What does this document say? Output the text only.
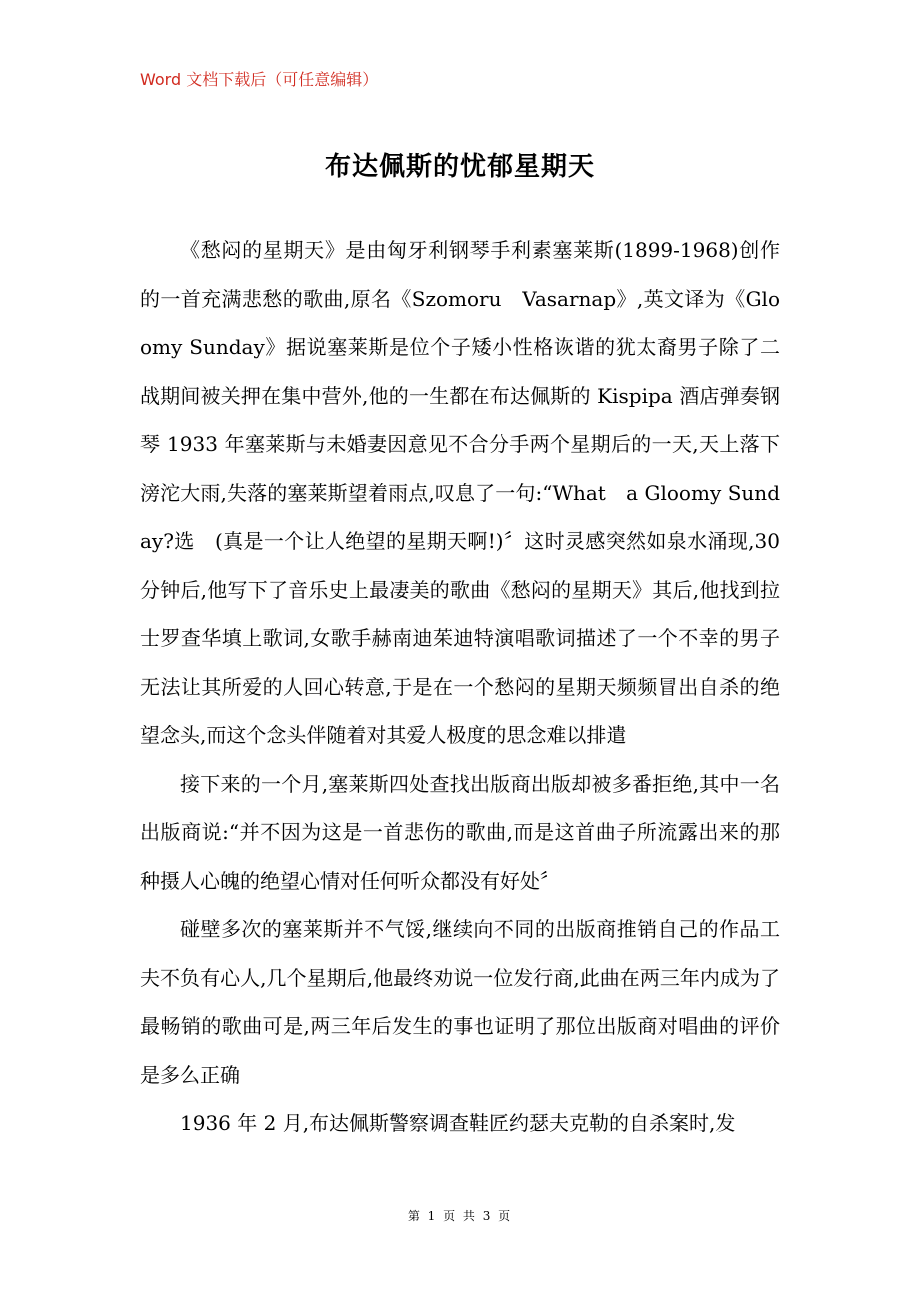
Word 文档下载后（可任意编辑）
布达佩斯的忧郁星期天

《愁闷的星期天》是由匈牙利钢琴手利素塞莱斯(1899-1968)创作的一首充满悲愁的歌曲,原名《Szomoru　Vasarnap》,英文译为《Gloomy Sunday》据说塞莱斯是位个子矮小性格诙谐的犹太裔男子除了二战期间被关押在集中营外,他的一生都在布达佩斯的 Kispipa 酒店弹奏钢琴 1933 年塞莱斯与未婚妻因意见不合分手两个星期后的一天,天上落下滂沱大雨,失落的塞莱斯望着雨点,叹息了一句:“What　a Gloomy Sunday?选　(真是一个让人绝望的星期天啊!)〞这时灵感突然如泉水涌现,30 分钟后,他写下了音乐史上最凄美的歌曲《愁闷的星期天》其后,他找到拉士罗查华填上歌词,女歌手赫南迪茱迪特演唱歌词描述了一个不幸的男子无法让其所爱的人回心转意,于是在一个愁闷的星期天频频冒出自杀的绝望念头,而这个念头伴随着对其爱人极度的思念难以排遣

接下来的一个月,塞莱斯四处查找出版商出版却被多番拒绝,其中一名出版商说:“并不因为这是一首悲伤的歌曲,而是这首曲子所流露出来的那种摄人心魄的绝望心情对任何听众都没有好处〞

碰壁多次的塞莱斯并不气馁,继续向不同的出版商推销自己的作品工夫不负有心人,几个星期后,他最终劝说一位发行商,此曲在两三年内成为了最畅销的歌曲可是,两三年后发生的事也证明了那位出版商对唱曲的评价是多么正确

1936 年 2 月,布达佩斯警察调查鞋匠约瑟夫克勒的自杀案时,发

第 1 页 共 3 页
